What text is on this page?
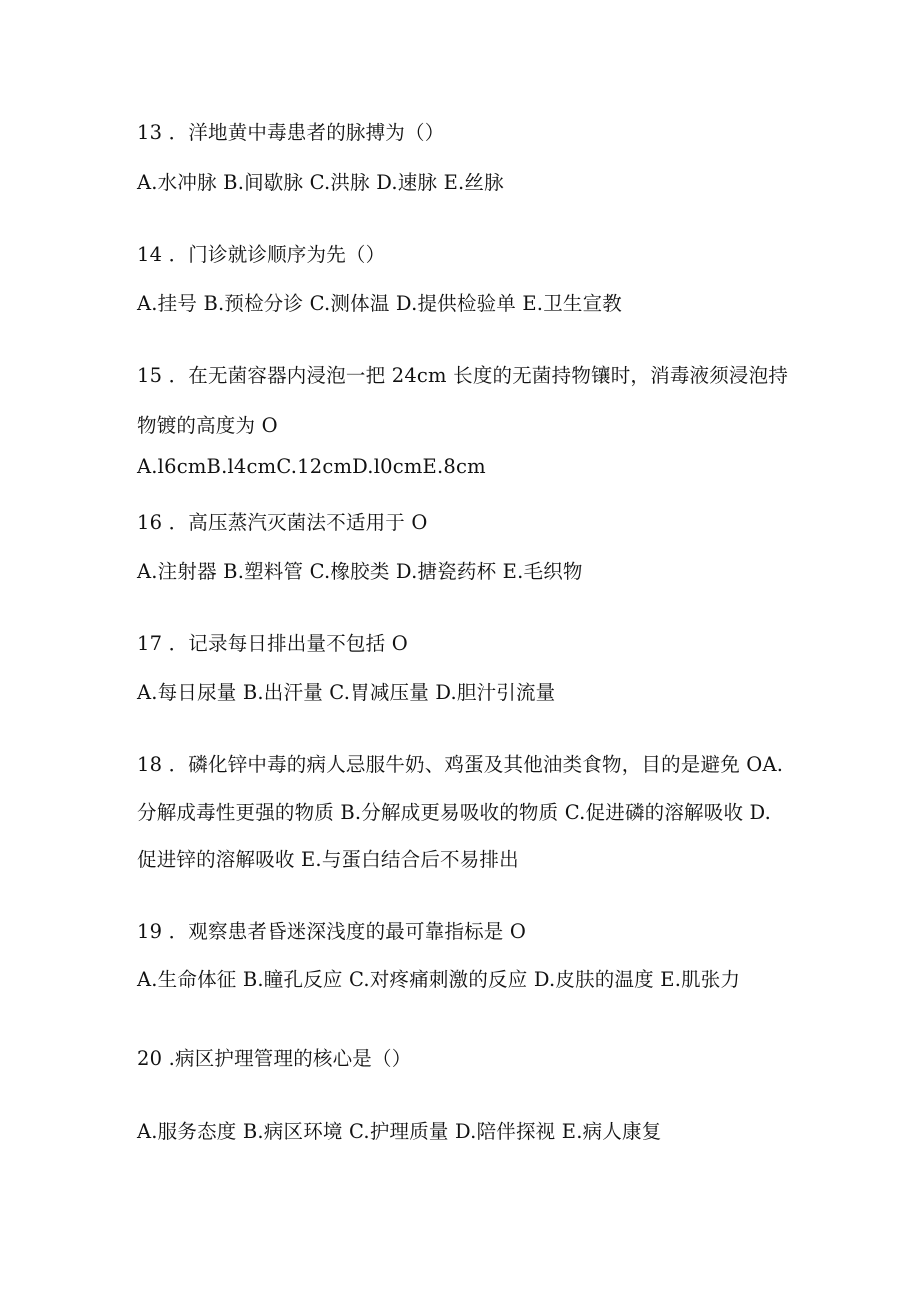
13 ．洋地黄中毒患者的脉搏为（）
A.水冲脉 B.间歇脉 C.洪脉 D.速脉 E.丝脉
14 ．门诊就诊顺序为先（）
A.挂号 B.预检分诊 C.测体温 D.提供检验单 E.卫生宣教
15 ．在无菌容器内浸泡一把 24cm 长度的无菌持物镶时，消毒液须浸泡持
物镀的高度为 O
A.l6cmB.l4cmC.12cmD.l0cmE.8cm
16 ．高压蒸汽灭菌法不适用于 O
A.注射器 B.塑料管 C.橡胶类 D.搪瓷药杯 E.毛织物
17 ．记录每日排出量不包括 O
A.每日尿量 B.出汗量 C.胃减压量 D.胆汁引流量
18 ．磷化锌中毒的病人忌服牛奶、鸡蛋及其他油类食物，目的是避免 OA.
分解成毒性更强的物质 B.分解成更易吸收的物质 C.促进磷的溶解吸收 D.
促进锌的溶解吸收 E.与蛋白结合后不易排出
19 ．观察患者昏迷深浅度的最可靠指标是 O
A.生命体征 B.瞳孔反应 C.对疼痛刺激的反应 D.皮肤的温度 E.肌张力
20 .病区护理管理的核心是（）
A.服务态度 B.病区环境 C.护理质量 D.陪伴探视 E.病人康复
